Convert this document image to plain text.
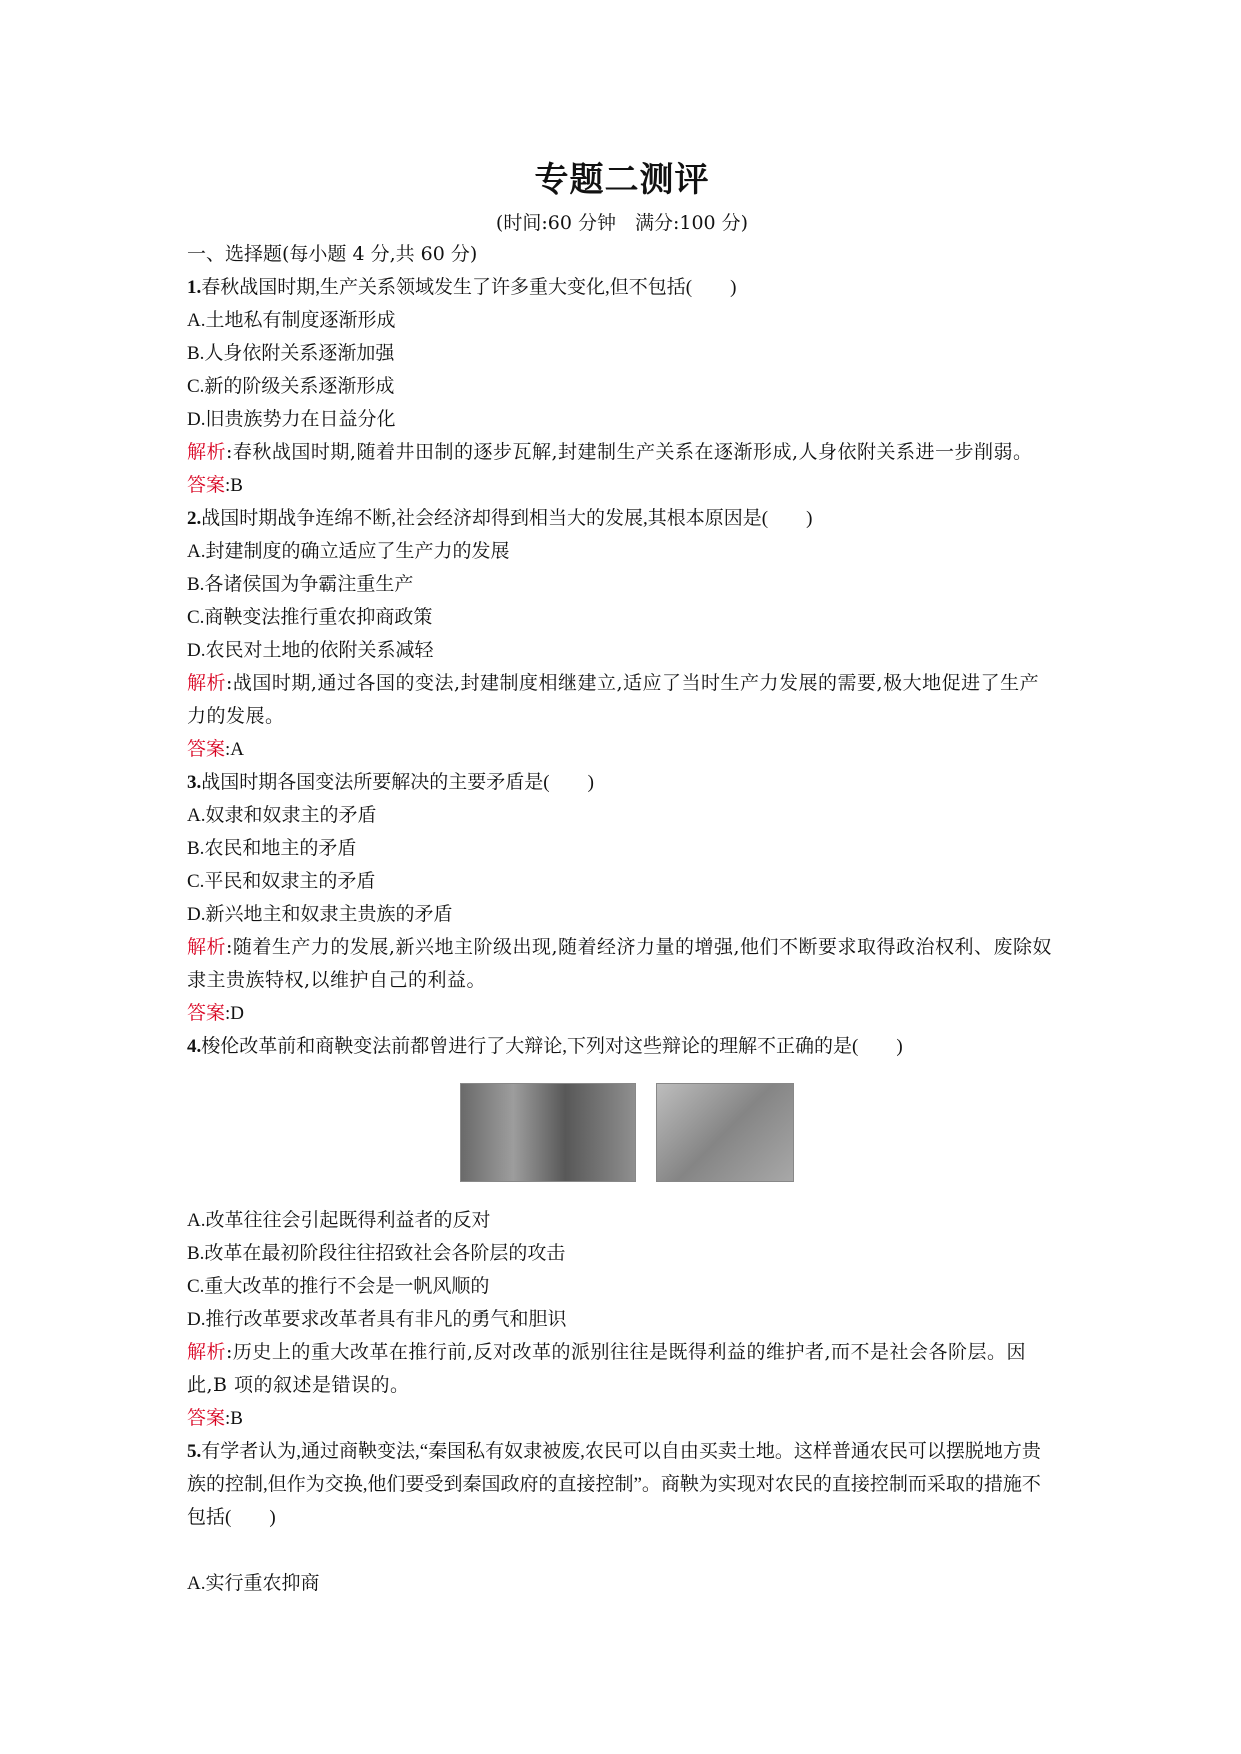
专题二测评
(时间:60 分钟　满分:100 分)
一、选择题(每小题 4 分,共 60 分)
1.春秋战国时期,生产关系领域发生了许多重大变化,但不包括(　　)
A.土地私有制度逐渐形成
B.人身依附关系逐渐加强
C.新的阶级关系逐渐形成
D.旧贵族势力在日益分化
解析:春秋战国时期,随着井田制的逐步瓦解,封建制生产关系在逐渐形成,人身依附关系进一步削弱。
答案:B
2.战国时期战争连绵不断,社会经济却得到相当大的发展,其根本原因是(　　)
A.封建制度的确立适应了生产力的发展
B.各诸侯国为争霸注重生产
C.商鞅变法推行重农抑商政策
D.农民对土地的依附关系减轻
解析:战国时期,通过各国的变法,封建制度相继建立,适应了当时生产力发展的需要,极大地促进了生产力的发展。
答案:A
3.战国时期各国变法所要解决的主要矛盾是(　　)
A.奴隶和奴隶主的矛盾
B.农民和地主的矛盾
C.平民和奴隶主的矛盾
D.新兴地主和奴隶主贵族的矛盾
解析:随着生产力的发展,新兴地主阶级出现,随着经济力量的增强,他们不断要求取得政治权利、废除奴隶主贵族特权,以维护自己的利益。
答案:D
4.梭伦改革前和商鞅变法前都曾进行了大辩论,下列对这些辩论的理解不正确的是(　　)
A.改革往往会引起既得利益者的反对
B.改革在最初阶段往往招致社会各阶层的攻击
C.重大改革的推行不会是一帆风顺的
D.推行改革要求改革者具有非凡的勇气和胆识
解析:历史上的重大改革在推行前,反对改革的派别往往是既得利益的维护者,而不是社会各阶层。因此,B 项的叙述是错误的。
答案:B
5.有学者认为,通过商鞅变法,“秦国私有奴隶被废,农民可以自由买卖土地。这样普通农民可以摆脱地方贵族的控制,但作为交换,他们要受到秦国政府的直接控制”。商鞅为实现对农民的直接控制而采取的措施不包括(　　)
A.实行重农抑商
